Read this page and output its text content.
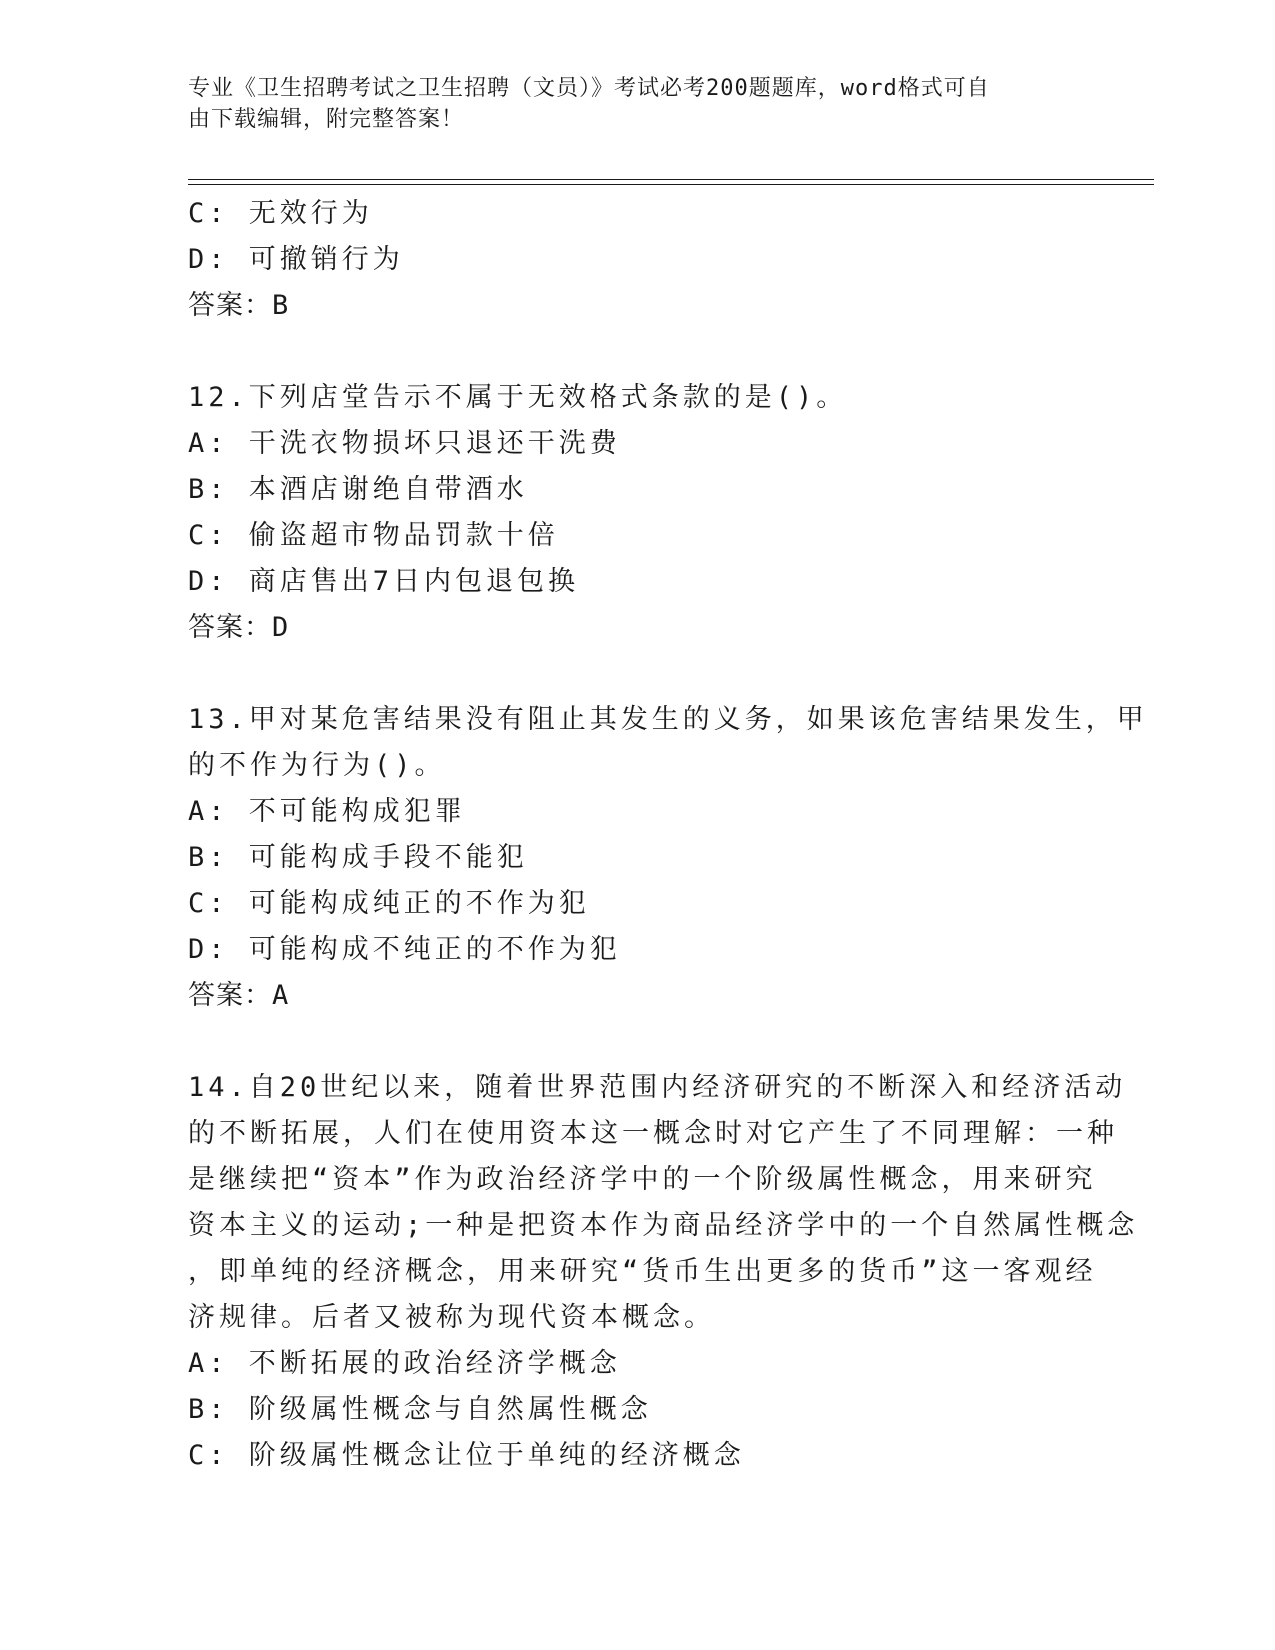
专业《卫生招聘考试之卫生招聘（文员）》考试必考200题题库，word格式可自
由下载编辑，附完整答案！
C: 无效行为
D: 可撤销行为
答案：B
12.下列店堂告示不属于无效格式条款的是()。
A: 干洗衣物损坏只退还干洗费
B: 本酒店谢绝自带酒水
C: 偷盗超市物品罚款十倍
D: 商店售出7日内包退包换
答案：D
13.甲对某危害结果没有阻止其发生的义务，如果该危害结果发生，甲
的不作为行为()。
A: 不可能构成犯罪
B: 可能构成手段不能犯
C: 可能构成纯正的不作为犯
D: 可能构成不纯正的不作为犯
答案：A
14.自20世纪以来，随着世界范围内经济研究的不断深入和经济活动
的不断拓展，人们在使用资本这一概念时对它产生了不同理解：一种
是继续把“资本”作为政治经济学中的一个阶级属性概念，用来研究
资本主义的运动;一种是把资本作为商品经济学中的一个自然属性概念
，即单纯的经济概念，用来研究“货币生出更多的货币”这一客观经
济规律。后者又被称为现代资本概念。
A: 不断拓展的政治经济学概念
B: 阶级属性概念与自然属性概念
C: 阶级属性概念让位于单纯的经济概念
